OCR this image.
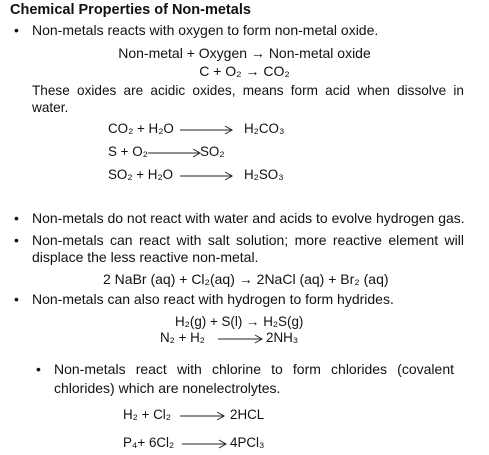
Chemical Properties of Non-metals
• Non-metals reacts with oxygen to form non-metal oxide.
Non-metal + Oxygen → Non-metal oxide
C + O₂ → CO₂
These oxides are acidic oxides, means form acid when dissolve in water.
CO₂ + H₂O	H₂CO₃
S + O₂	SO₂
SO₂ + H₂O	H₂SO₃
• Non-metals do not react with water and acids to evolve hydrogen gas.
• Non-metals can react with salt solution; more reactive element will displace the less reactive non-metal.
2 NaBr (aq) + Cl₂(aq) → 2NaCl (aq) + Br₂ (aq)
• Non-metals can also react with hydrogen to form hydrides.
H₂(g) + S(l) → H₂S(g)
N₂ + H₂	2NH₃
• Non-metals react with chlorine to form chlorides (covalent chlorides) which are nonelectrolytes.
H₂ + Cl₂	2HCL
P₄+ 6Cl₂	4PCl₃
